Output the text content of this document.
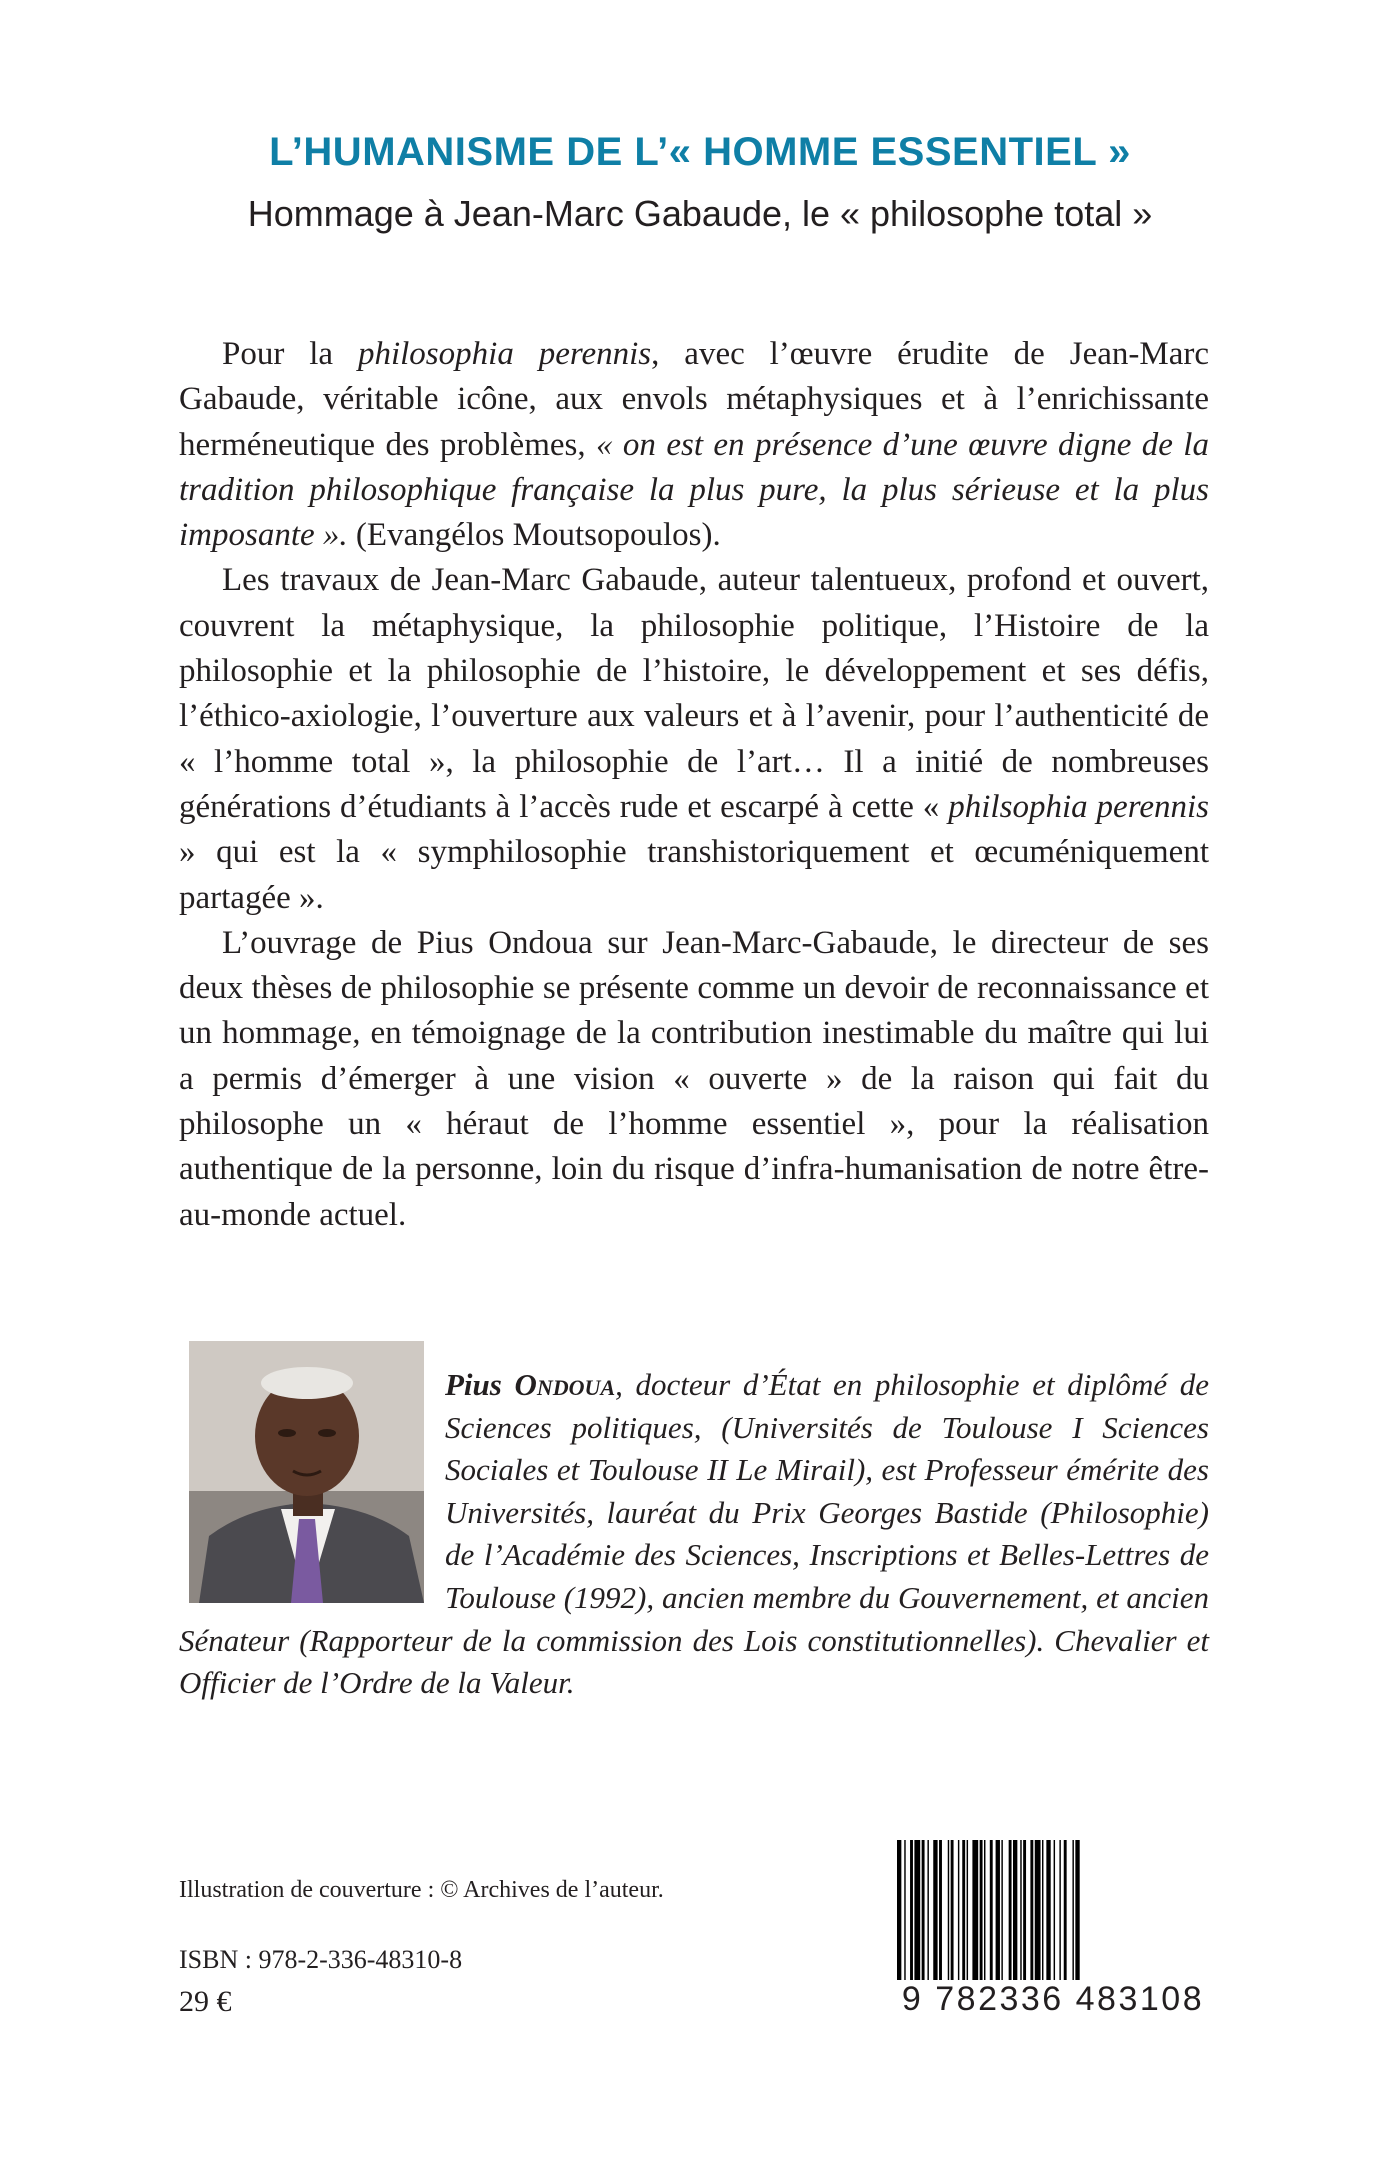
L’HUMANISME DE L’« HOMME ESSENTIEL »
Hommage à Jean-Marc Gabaude, le « philosophe total »

Pour la philosophia perennis, avec l’œuvre érudite de Jean-Marc Gabaude, véritable icône, aux envols métaphysiques et à l’enrichissante herméneutique des problèmes, « on est en présence d’une œuvre digne de la tradition philosophique française la plus pure, la plus sérieuse et la plus imposante ». (Evangélos Moutsopoulos).

Les travaux de Jean-Marc Gabaude, auteur talentueux, profond et ouvert, couvrent la métaphysique, la philosophie politique, l’Histoire de la philosophie et la philosophie de l’histoire, le développement et ses défis, l’éthico-axiologie, l’ouverture aux valeurs et à l’avenir, pour l’authenticité de « l’homme total », la philosophie de l’art… Il a initié de nombreuses générations d’étudiants à l’accès rude et escarpé à cette « philsophia perennis » qui est la « symphilosophie transhistoriquement et œcuméniquement partagée ».

L’ouvrage de Pius Ondoua sur Jean-Marc-Gabaude, le directeur de ses deux thèses de philosophie se présente comme un devoir de reconnaissance et un hommage, en témoignage de la contribution inestimable du maître qui lui a permis d’émerger à une vision « ouverte » de la raison qui fait du philosophe un « héraut de l’homme essentiel », pour la réalisation authentique de la personne, loin du risque d’infra-humanisation de notre être-au-monde actuel.

Pius Ondoua, docteur d’État en philosophie et diplômé de Sciences politiques, (Universités de Toulouse I Sciences Sociales et Toulouse II Le Mirail), est Professeur émérite des Universités, lauréat du Prix Georges Bastide (Philosophie) de l’Académie des Sciences, Inscriptions et Belles-Lettres de Toulouse (1992), ancien membre du Gouvernement, et ancien Sénateur (Rapporteur de la commission des Lois constitutionnelles). Chevalier et Officier de l’Ordre de la Valeur.
Illustration de couverture : © Archives de l’auteur.
ISBN : 978-2-336-48310-8
29 €	9 782336 483108
